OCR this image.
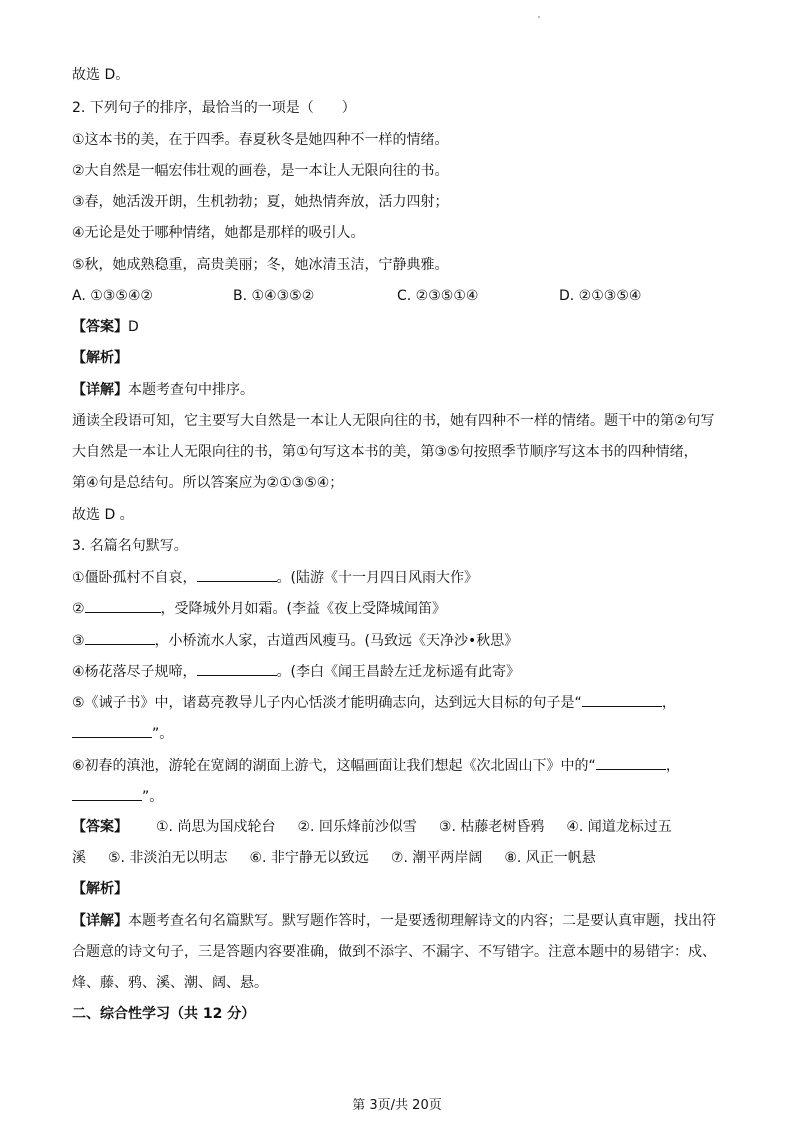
故选 D。
2. 下列句子的排序，最恰当的一项是（　　）
①这本书的美，在于四季。春夏秋冬是她四种不一样的情绪。
②大自然是一幅宏伟壮观的画卷，是一本让人无限向往的书。
③春，她活泼开朗，生机勃勃；夏，她热情奔放，活力四射；
④无论是处于哪种情绪，她都是那样的吸引人。
⑤秋，她成熟稳重，高贵美丽；冬，她冰清玉洁，宁静典雅。
A. ①③⑤④②	B. ①④③⑤②	C. ②③⑤①④	D. ②①③⑤④
【答案】D
【解析】
【详解】本题考查句中排序。
通读全段语可知，它主要写大自然是一本让人无限向往的书，她有四种不一样的情绪。题干中的第②句写
大自然是一本让人无限向往的书，第①句写这本书的美，第③⑤句按照季节顺序写这本书的四种情绪，
第④句是总结句。所以答案应为②①③⑤④；
故选 D 。
3. 名篇名句默写。
①僵卧孤村不自哀，	。(陆游《十一月四日风雨大作》
②	，受降城外月如霜。(李益《夜上受降城闻笛》
③	，小桥流水人家，古道西风瘦马。(马致远《天净沙•秋思》
④杨花落尽子规啼，	。(李白《闻王昌龄左迁龙标遥有此寄》
⑤《诫子书》中，诸葛亮教导儿子内心恬淡才能明确志向，达到远大目标的句子是“	，
”。
⑥初春的滇池，游轮在宽阔的湖面上游弋，这幅画面让我们想起《次北固山下》中的“	，
”。
【答案】 ①. 尚思为国戍轮台 ②. 回乐烽前沙似雪 ③. 枯藤老树昏鸦 ④. 闻道龙标过五
溪 ⑤. 非淡泊无以明志 ⑥. 非宁静无以致远 ⑦. 潮平两岸阔 ⑧. 风正一帆悬
【解析】
【详解】本题考查名句名篇默写。默写题作答时，一是要透彻理解诗文的内容；二是要认真审题，找出符
合题意的诗文句子，三是答题内容要准确，做到不添字、不漏字、不写错字。注意本题中的易错字：戍、
烽、藤、鸦、溪、潮、阔、悬。
二、综合性学习（共 12 分）
第 3页/共 20页
